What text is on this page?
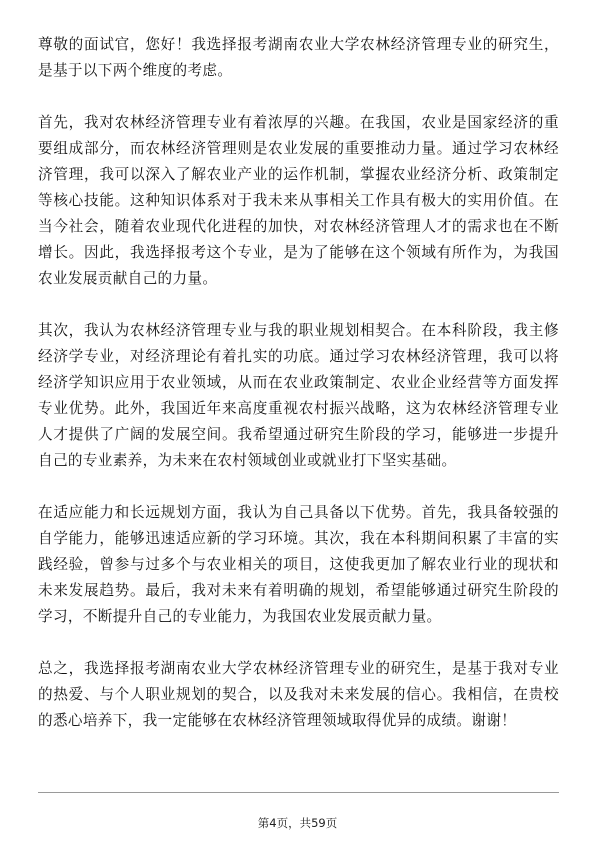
尊敬的面试官，您好！我选择报考湖南农业大学农林经济管理专业的研究生，是基于以下两个维度的考虑。

首先，我对农林经济管理专业有着浓厚的兴趣。在我国，农业是国家经济的重要组成部分，而农林经济管理则是农业发展的重要推动力量。通过学习农林经济管理，我可以深入了解农业产业的运作机制，掌握农业经济分析、政策制定等核心技能。这种知识体系对于我未来从事相关工作具有极大的实用价值。在当今社会，随着农业现代化进程的加快，对农林经济管理人才的需求也在不断增长。因此，我选择报考这个专业，是为了能够在这个领域有所作为，为我国农业发展贡献自己的力量。

其次，我认为农林经济管理专业与我的职业规划相契合。在本科阶段，我主修经济学专业，对经济理论有着扎实的功底。通过学习农林经济管理，我可以将经济学知识应用于农业领域，从而在农业政策制定、农业企业经营等方面发挥专业优势。此外，我国近年来高度重视农村振兴战略，这为农林经济管理专业人才提供了广阔的发展空间。我希望通过研究生阶段的学习，能够进一步提升自己的专业素养，为未来在农村领域创业或就业打下坚实基础。

在适应能力和长远规划方面，我认为自己具备以下优势。首先，我具备较强的自学能力，能够迅速适应新的学习环境。其次，我在本科期间积累了丰富的实践经验，曾参与过多个与农业相关的项目，这使我更加了解农业行业的现状和未来发展趋势。最后，我对未来有着明确的规划，希望能够通过研究生阶段的学习，不断提升自己的专业能力，为我国农业发展贡献力量。

总之，我选择报考湖南农业大学农林经济管理专业的研究生，是基于我对专业的热爱、与个人职业规划的契合，以及我对未来发展的信心。我相信，在贵校的悉心培养下，我一定能够在农林经济管理领域取得优异的成绩。谢谢！

第4页，共59页
